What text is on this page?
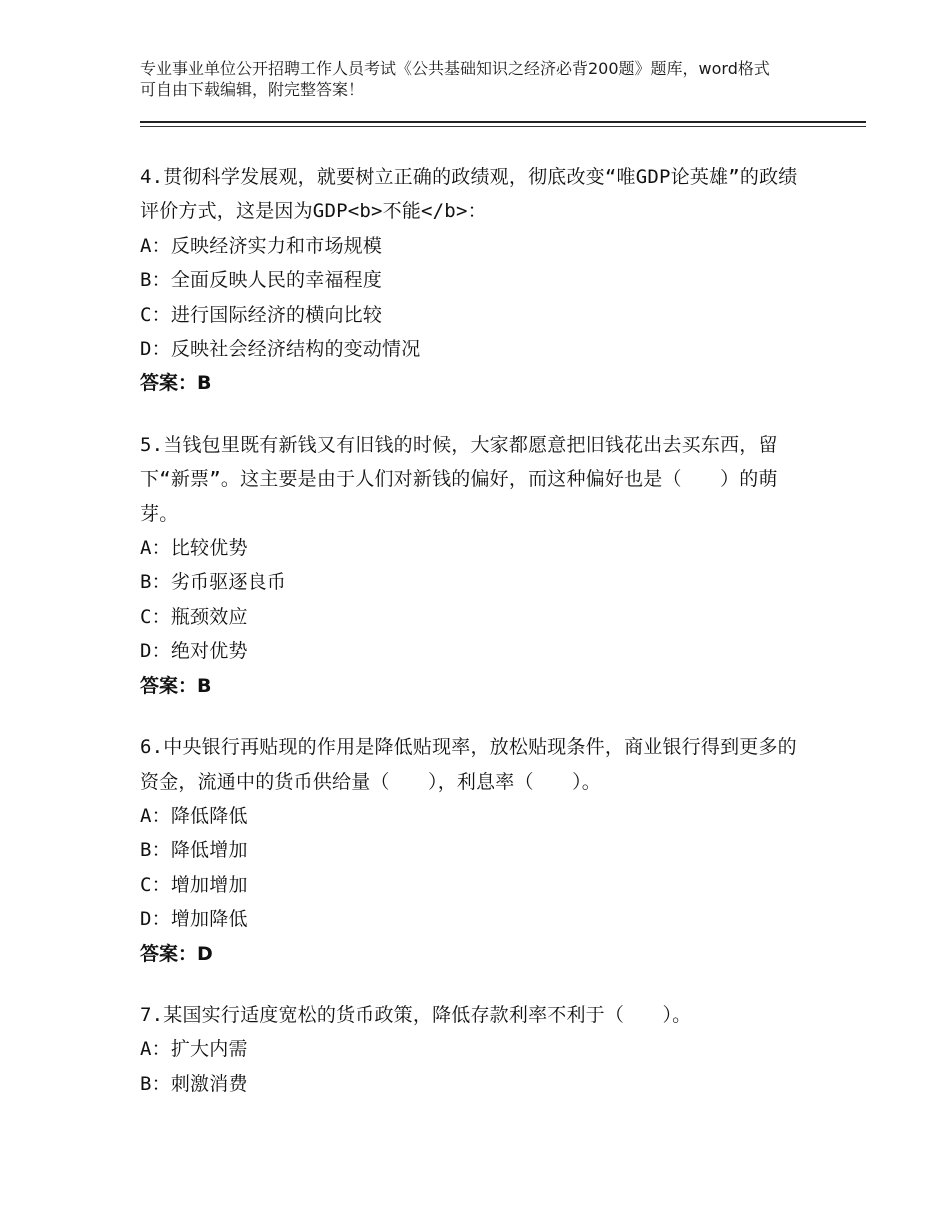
专业事业单位公开招聘工作人员考试《公共基础知识之经济必背200题》题库，word格式可自由下载编辑，附完整答案！
4.贯彻科学发展观，就要树立正确的政绩观，彻底改变“唯GDP论英雄”的政绩评价方式，这是因为GDP<b>不能</b>：
A：反映经济实力和市场规模
B：全面反映人民的幸福程度
C：进行国际经济的横向比较
D：反映社会经济结构的变动情况
答案：B
5.当钱包里既有新钱又有旧钱的时候，大家都愿意把旧钱花出去买东西，留下“新票”。这主要是由于人们对新钱的偏好，而这种偏好也是（　　）的萌芽。
A：比较优势
B：劣币驱逐良币
C：瓶颈效应
D：绝对优势
答案：B
6.中央银行再贴现的作用是降低贴现率，放松贴现条件，商业银行得到更多的资金，流通中的货币供给量（　　），利息率（　　）。
A：降低降低
B：降低增加
C：增加增加
D：增加降低
答案：D
7.某国实行适度宽松的货币政策，降低存款利率不利于（　　）。
A：扩大内需
B：刺激消费
